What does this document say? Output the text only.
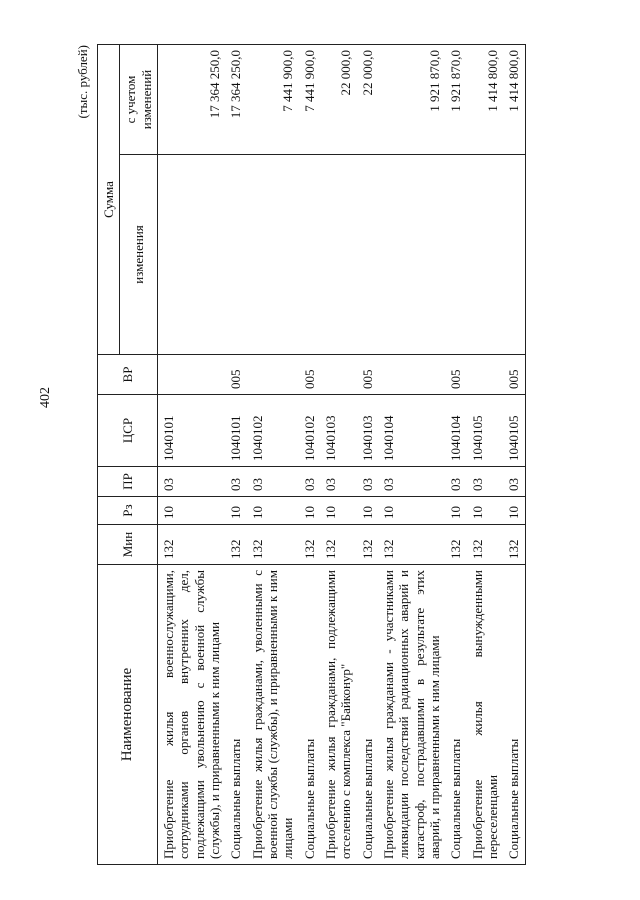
402
(тыс. рублей)
Наименование	Мин	Рз	ПР	ЦСР	ВР	Сумма	
						изменения	с учетом изменений
Приобретение жилья военнослужащими, сотрудниками органов внутренних дел, подлежащими увольнению с военной службы (службы), и приравненными к ним лицами	132	10	03	1040101			17 364 250,0
Социальные выплаты	132	10	03	1040101	005		17 364 250,0
Приобретение жилья гражданами, уволенными с военной службы (службы), и приравненными к ним лицами	132	10	03	1040102			7 441 900,0
Социальные выплаты	132	10	03	1040102	005		7 441 900,0
Приобретение жилья гражданами, подлежащими отселению с комплекса "Байконур"	132	10	03	1040103			22 000,0
Социальные выплаты	132	10	03	1040103	005		22 000,0
Приобретение жилья гражданами - участниками ликвидации последствий радиационных аварий и катастроф, пострадавшими в результате этих аварий, и приравненными к ним лицами	132	10	03	1040104			1 921 870,0
Социальные выплаты	132	10	03	1040104	005		1 921 870,0
Приобретение жилья вынужденными переселенцами	132	10	03	1040105			1 414 800,0
Социальные выплаты	132	10	03	1040105	005		1 414 800,0
